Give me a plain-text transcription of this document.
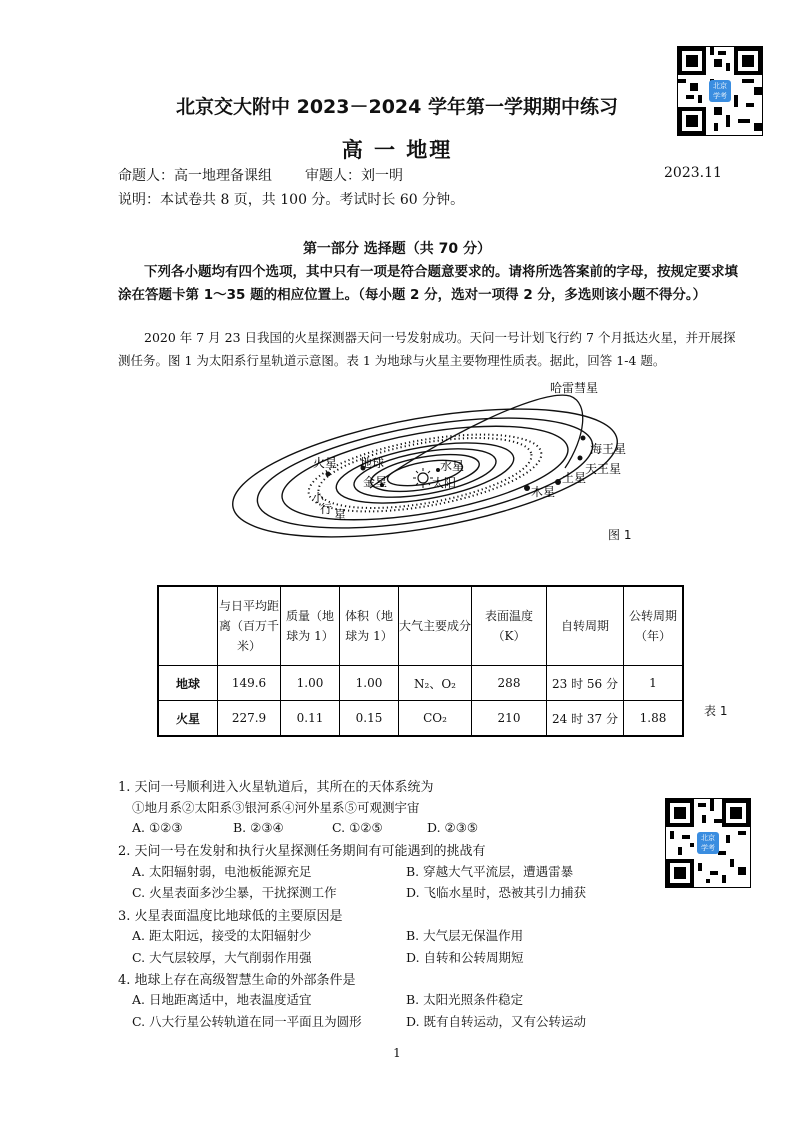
北京
学考
北京
学考
北京交大附中 2023－2024 学年第一学期期中练习
高 一 地理
命题人：高一地理备课组 审题人：刘一明	2023.11
说明：本试卷共 8 页，共 100 分。考试时长 60 分钟。
第一部分 选择题（共 70 分）
下列各小题均有四个选项，其中只有一项是符合题意要求的。请将所选答案前的字母，按规定要求填涂在答题卡第 1～35 题的相应位置上。（每小题 2 分，选对一项得 2 分，多选则该小题不得分。）
2020 年 7 月 23 日我国的火星探测器天问一号发射成功。天问一号计划飞行约 7 个月抵达火星，并开展探测任务。图 1 为太阳系行星轨道示意图。表 1 为地球与火星主要物理性质表。据此，回答 1-4 题。
哈雷彗星
海王星
天王星
土星
木星
火星 地球
金星
水星
太阳
小
行 星
图 1
	与日平均距离（百万千米）	质量（地球为 1）	体积（地球为 1）	大气主要成分	表面温度（K）	自转周期	公转周期（年）
地球	149.6	1.00	1.00	N₂、O₂	288	23 时 56 分	1
火星	227.9	0.11	0.15	CO₂	210	24 时 37 分	1.88	表 1
1. 天问一号顺利进入火星轨道后，其所在的天体系统为
①地月系②太阳系③银河系④河外星系⑤可观测宇宙
A. ①②③	B. ②③④	C. ①②⑤	D. ②③⑤
2. 天问一号在发射和执行火星探测任务期间有可能遇到的挑战有
A. 太阳辐射弱，电池板能源充足	B. 穿越大气平流层，遭遇雷暴
C. 火星表面多沙尘暴，干扰探测工作	D. 飞临水星时，恐被其引力捕获
3. 火星表面温度比地球低的主要原因是
A. 距太阳远，接受的太阳辐射少	B. 大气层无保温作用
C. 大气层较厚，大气削弱作用强	D. 自转和公转周期短
4. 地球上存在高级智慧生命的外部条件是
A. 日地距离适中，地表温度适宜	B. 太阳光照条件稳定
C. 八大行星公转轨道在同一平面且为圆形	D. 既有自转运动，又有公转运动
1
